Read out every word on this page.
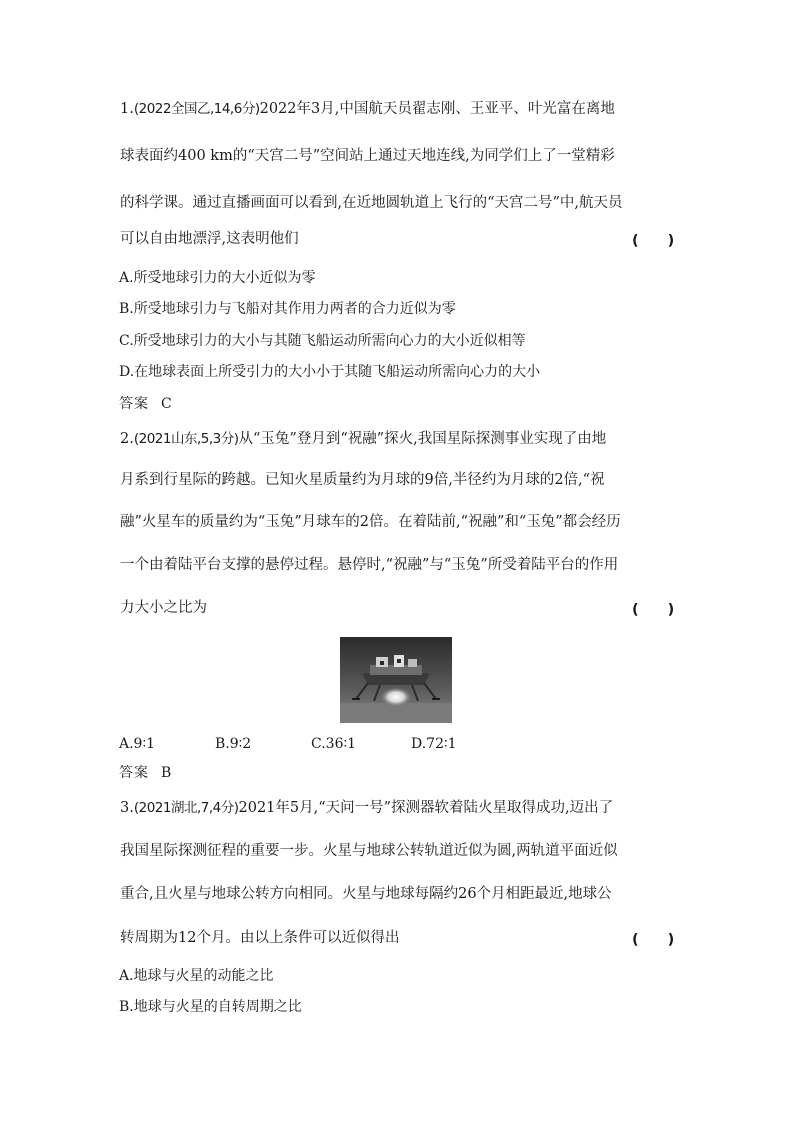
1.(2022全国乙,14,6分)2022年3月,中国航天员翟志刚、王亚平、叶光富在离地
球表面约400 km的“天宫二号”空间站上通过天地连线,为同学们上了一堂精彩
的科学课。通过直播画面可以看到,在近地圆轨道上飞行的“天宫二号”中,航天员
可以自由地漂浮,这表明他们	(　　)
A.所受地球引力的大小近似为零
B.所受地球引力与飞船对其作用力两者的合力近似为零
C.所受地球引力的大小与其随飞船运动所需向心力的大小近似相等
D.在地球表面上所受引力的大小小于其随飞船运动所需向心力的大小
答案 C
2.(2021山东,5,3分)从“玉兔”登月到“祝融”探火,我国星际探测事业实现了由地
月系到行星际的跨越。已知火星质量约为月球的9倍,半径约为月球的2倍,“祝
融”火星车的质量约为“玉兔”月球车的2倍。在着陆前,“祝融”和“玉兔”都会经历
一个由着陆平台支撑的悬停过程。悬停时,“祝融”与“玉兔”所受着陆平台的作用
力大小之比为	(　　)
A.9∶1	B.9∶2	C.36∶1	D.72∶1
答案 B
3.(2021湖北,7,4分)2021年5月,“天问一号”探测器软着陆火星取得成功,迈出了
我国星际探测征程的重要一步。火星与地球公转轨道近似为圆,两轨道平面近似
重合,且火星与地球公转方向相同。火星与地球每隔约26个月相距最近,地球公
转周期为12个月。由以上条件可以近似得出	(　　)
A.地球与火星的动能之比
B.地球与火星的自转周期之比
